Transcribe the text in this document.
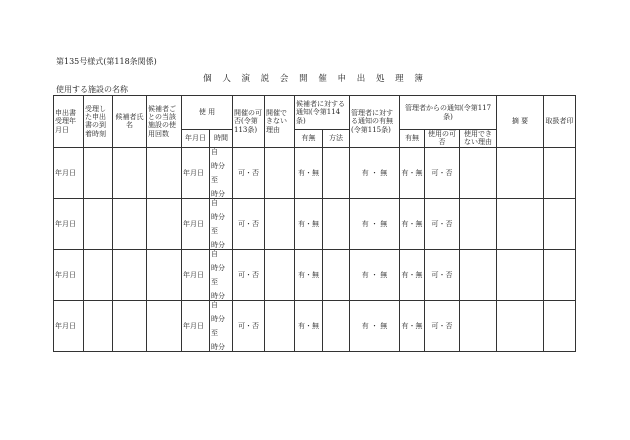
第135号様式(第118条関係)
個 人 演 説 会 開 催 申 出 処 理 簿
使用する施設の名称
申出書受理年月日	受理した申出書の到着時刻	候補者氏名	候補者ごとの当該施設の使用回数	使 用		開催の可否(令第113条)	開催できない理由	候補者に対する通知(令第114条)		管理者に対する通知の有無(令第115条)	管理者からの通知(令第117条)			摘 要	取扱者印
				年月日	時間			有無	方法		有無	使用の可否	使用できない理由		
年月日				年月日	自
時分
至
時分	可・否		有・無		有 ・ 無	有・無	可・否			
年月日				年月日	自
時分
至
時分	可・否		有・無		有 ・ 無	有・無	可・否			
年月日				年月日	自
時分
至
時分	可・否		有・無		有 ・ 無	有・無	可・否			
年月日				年月日	自
時分
至
時分	可・否		有・無		有 ・ 無	有・無	可・否			
